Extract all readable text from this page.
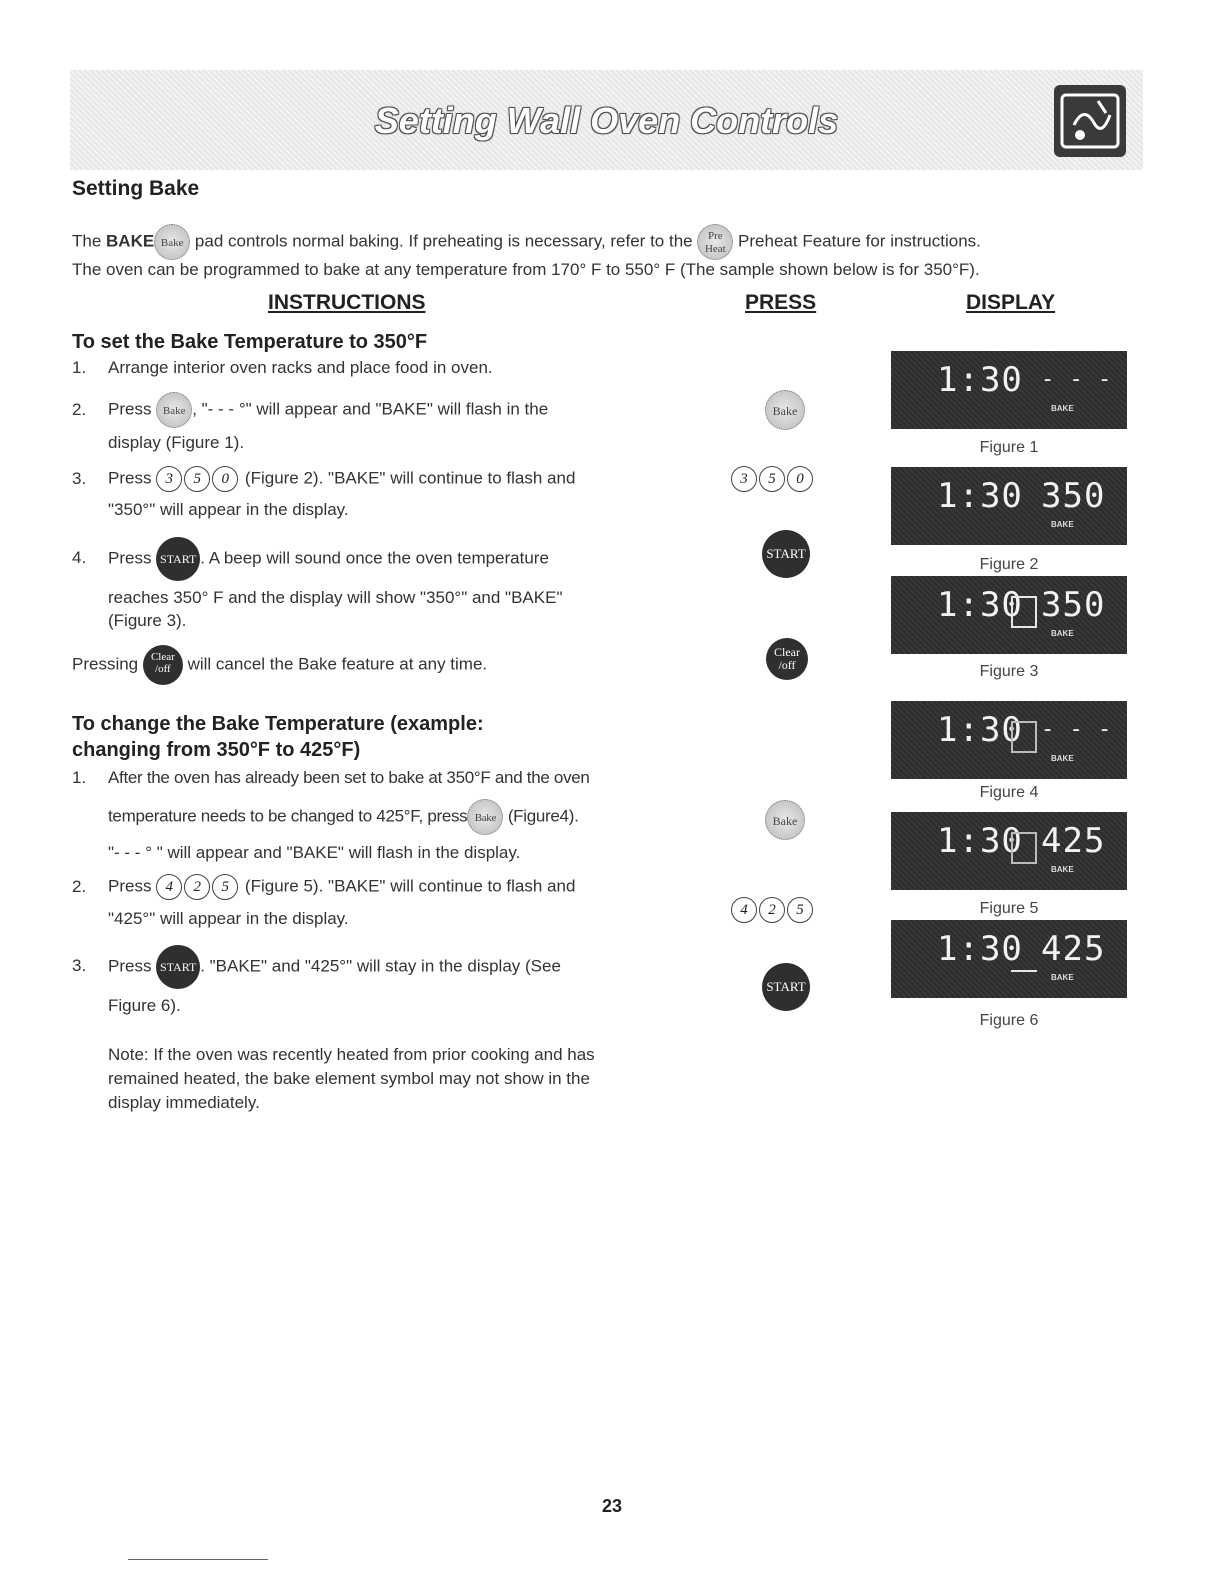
Setting Wall Oven Controls
Setting Bake
The BAKE Bake pad controls normal baking. If preheating is necessary, refer to the Pre
Heat Preheat Feature for instructions.
The oven can be programmed to bake at any temperature from 170° F to 550° F (The sample shown below is for 350°F).
INSTRUCTIONS	PRESS	DISPLAY
To set the Bake Temperature to 350°F
1. Arrange interior oven racks and place food in oven.
2. Press Bake , "- - - °" will appear and "BAKE" will flash in the
display (Figure 1).
3. Press 3 5 0 (Figure 2). "BAKE" will continue to flash and
"350°" will appear in the display.
4. Press START . A beep will sound once the oven temperature
reaches 350° F and the display will show "350°" and "BAKE"
(Figure 3).
Pressing Clear
/off will cancel the Bake feature at any time.
To change the Bake Temperature (example:
changing from 350°F to 425°F)
1. After the oven has already been set to bake at 350°F and the oven
temperature needs to be changed to 425°F, press Bake (Figure4).
"- - - ° " will appear and "BAKE" will flash in the display.
2. Press 4 2 5 (Figure 5). "BAKE" will continue to flash and
"425°" will appear in the display.
3. Press START . "BAKE" and "425°" will stay in the display (See
Figure 6).
Note: If the oven was recently heated from prior cooking and has
remained heated, the bake element symbol may not show in the
display immediately.
Bake
3 5 0
START
Clear
/off
Bake
4 2 5
START
1:30 - - -
BAKE
Figure 1
1:30 350
BAKE
Figure 2
1:30 350
BAKE
Figure 3
1:30 - - -
BAKE
Figure 4
1:30 425
BAKE
Figure 5
1:30 425
BAKE
Figure 6
23
